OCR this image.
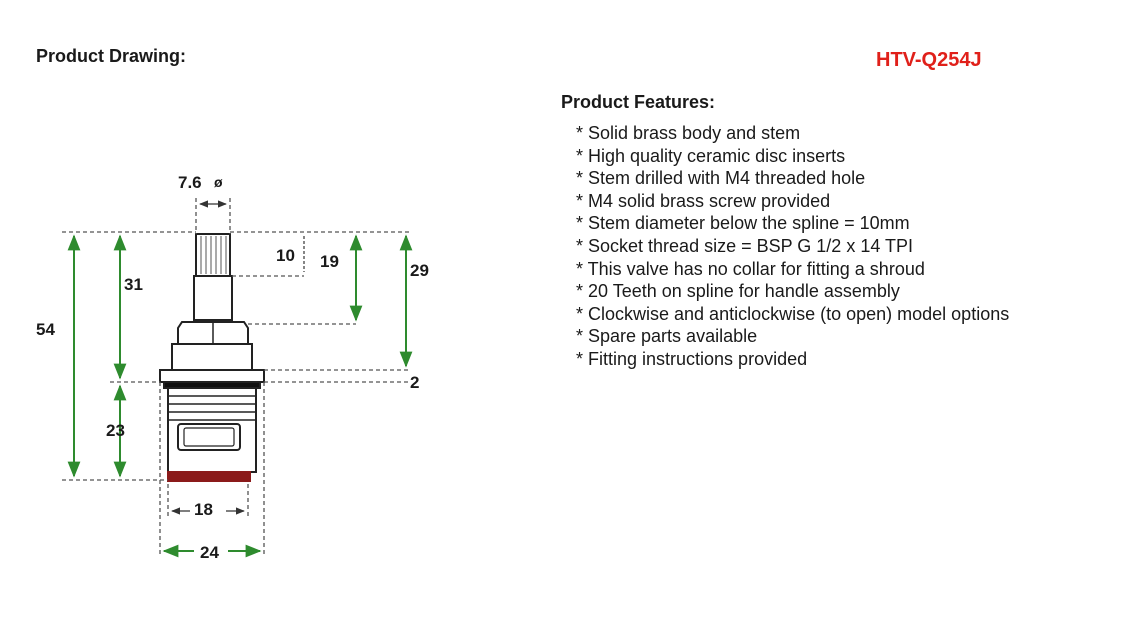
Product Drawing:	HTV-Q254J
Product Features:
* Solid brass body and stem
* High quality ceramic disc inserts
* Stem drilled with M4 threaded hole
* M4 solid brass screw provided
* Stem diameter below the spline = 10mm
* Socket thread size = BSP G 1/2 x 14 TPI
* This valve has no collar for fitting a shroud
* 20 Teeth on spline for handle assembly
* Clockwise and anticlockwise (to open) model options
* Spare parts available
* Fitting instructions provided
7.6 ø
10 19	29
2
31
54
23
18
24
